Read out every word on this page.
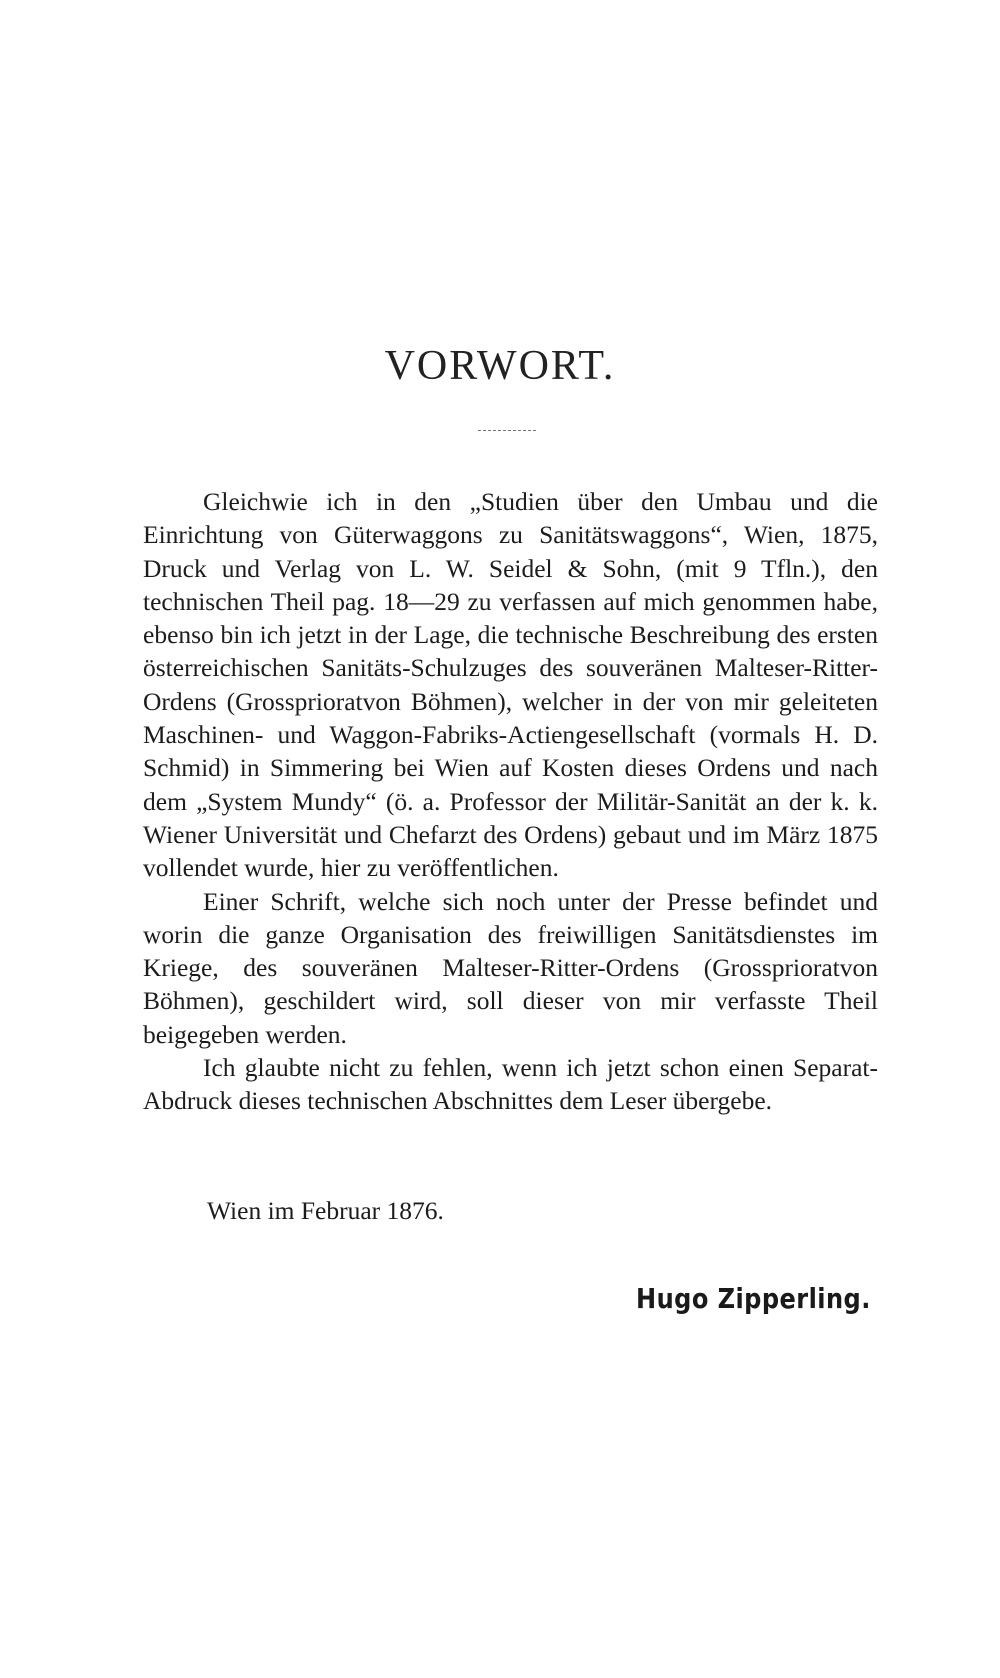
VORWORT.

Gleichwie ich in den „Studien über den Umbau und die Einrichtung von Güterwaggons zu Sanitätswaggons“, Wien, 1875, Druck und Verlag von L. W. Seidel & Sohn, (mit 9 Tfln.), den technischen Theil pag. 18—29 zu verfassen auf mich genommen habe, ebenso bin ich jetzt in der Lage, die technische Beschreibung des ersten österreichischen Sanitäts-Schulzuges des souveränen Malteser-Ritter-Ordens (Grossprioratvon Böhmen), welcher in der von mir geleiteten Maschinen- und Waggon-Fabriks-Actiengesellschaft (vormals H. D. Schmid) in Simmering bei Wien auf Kosten dieses Ordens und nach dem „System Mundy“ (ö. a. Professor der Militär-Sanität an der k. k. Wiener Universität und Chefarzt des Ordens) gebaut und im März 1875 vollendet wurde, hier zu veröffentlichen.

Einer Schrift, welche sich noch unter der Presse befindet und worin die ganze Organisation des freiwilligen Sanitätsdienstes im Kriege, des souveränen Malteser-Ritter-Ordens (Grossprioratvon Böhmen), geschildert wird, soll dieser von mir verfasste Theil beigegeben werden.

Ich glaubte nicht zu fehlen, wenn ich jetzt schon einen Separat-Abdruck dieses technischen Abschnittes dem Leser übergebe.

Wien im Februar 1876.

Hugo Zipperling.
